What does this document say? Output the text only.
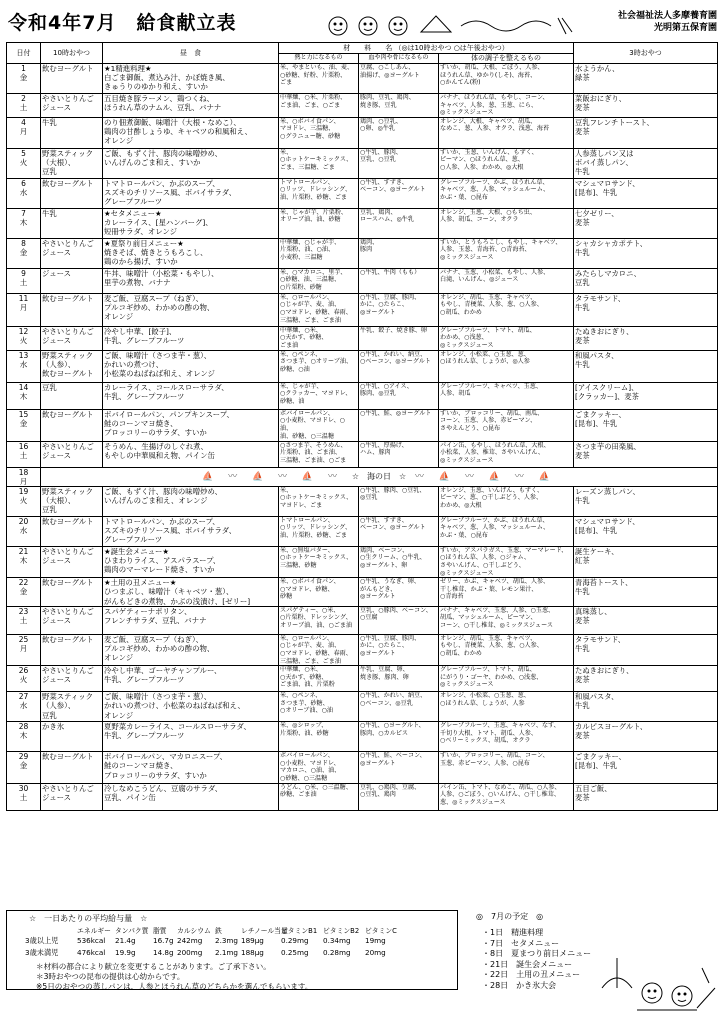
令和4年7月　給食献立表	社会福祉法人多摩養育園
光明第五保育園
日付	10時おやつ	昼　食	材　　料　　名 （◎は10時おやつ ○は午後おやつ）			3時おやつ
			熱と力になるもの	血や肉や骨になるもの	体の調子を整えるもの	
1
金	飲むヨーグルト	★1精進料理★
白ごま御飯、煮込み汁、かぼ焼き風、
きゅうりのゆかり和え、すいか	米、やまといも、油、麦、
○砂糖、好粉、片栗粉、
ごま	豆腐、○こしあん、
油揚げ、◎ヨーグルト	すいか、胡瓜、大根、ごぼう、人参、
ほうれん草、ゆかり(しそ)、海苔、
○かんてん(粉)	水ようかん、
緑茶
2
土	やさいとりんご
ジュース	五目焼き豚ラーメン、鶏つくね、
ほうれん草のナムル、豆乳、バナナ	中華麺、○米、片栗粉、
ごま油、ごま、○ごま	豚肉、豆乳、鶏肉、
焼き豚、豆乳	バナナ、ほうれん草、もやし、コーン、
キャベツ、人参、葱、玉葱、にら、
◎ミックスジュース	菜飯おにぎり、
麦茶
4
月	牛乳	のり佃煮御飯、味噌汁（大根・なめこ）、
鶏肉の甘酢しょうゆ、キャベツの和風和え、
オレンジ	米、○ボバイ食パン、
マヨドレ、三温糖、
○グラニュー糖、砂糖	鶏肉、○豆乳、
○卵、◎牛乳	オレンジ、大根、キャベツ、胡瓜、
なめこ、葱、人参、オクラ、浅葱、海苔	豆乳フレンチトースト、
麦茶
5
火	野菜スティック
（大根）、
豆乳	ご飯、もずく汁、豚肉の味噌炒め、
いんげんのごま和え、すいか	米、
○ホットケーキミックス、
ごま、三温糖、ごま	○牛乳、豚肉、
豆乳、○豆乳	すいか、玉葱、いんげん、もずく、
ピーマン、○ほうれん草、葱、
○人参、人参、わかめ、◎大根	人参蒸しパン又は
ボバイ蒸しパン、
牛乳
6
水	飲むヨーグルト	トマトロールパン、かぶのスープ、
スズキのチリソース風、ボバイサラダ、
グレープフルーツ	トマトロールパン、
○リッツ、ドレッシング、
油、片栗粉、砂糖、ごま	○牛乳、すずき、
ベーコン、◎ヨーグルト	グレープフルーツ、かぶ、ほうれん草、
キャベツ、葱、人参、マッシュルーム、
かぶ・葉、○昆布	マシュマロサンド、
[昆布]、牛乳
7
木	牛乳	★セタメニュー★
カレーライス、[星ハンバーグ]、
短冊サラダ、オレンジ	米、じゃが芋、片栗粉、
オリーブ油、油、砂糖	豆乳、鶏肉、
ロースハム、◎牛乳	オレンジ、玉葱、大根、○もち虫、
人参、胡瓜、コーン、オクラ	七夕ゼリー、
麦茶
8
金	やさいとりんご
ジュース	★夏祭り前日メニュー★
焼きそば、焼きとうもろこし、
鶏のから揚げ、すいか	中華麺、○じゃが芋、
片栗粉、油、○油、
小麦粉、三温糖	鶏肉、
豚肉	すいか、とうもろこし、もやし、キャベツ、
人参、玉葱、青海苔、○青海苔、
◎ミックスジュース	シャカシャカポテト、
牛乳
9
土	ジュース	牛丼、味噌汁（小松菜・もやし）、
里芋の煮物、バナナ	米、○マカロニ、里芋、
○砂糖、油、三温糖、
○片栗粉、砂糖	○牛乳、牛肉（もも）	バナナ、玉葱、小松菜、もやし、人参、
白滝、いんげん、◎ジュース	みたらしマカロニ、
豆乳
11
月	飲むヨーグルト	麦ご飯、豆腐スープ（ねぎ）、
プルコギ炒め、わかめの酢の物、
オレンジ	米、○ロールパン、
○じゃが芋、麦、油、
○マヨドレ、砂糖、春雨、
三温糖、ごま、ごま油	○牛乳、豆腐、豚肉、
かに、○たらこ、
◎ヨーグルト	オレンジ、胡瓜、玉葱、キャベツ、
もやし、青梗菜、人参、葱、○人参、
○胡瓜、わかめ	タラモサンド、
牛乳
12
火	やさいとりんご
ジュース	冷やし中華、[餃子]、
牛乳、グレープフルーツ	中華麺、○米、
○天かす、砂糖、
ごま油	牛乳、餃子、焼き豚、卵	グレープフルーツ、トマト、胡瓜、
わかめ、○浅葱、
◎ミックスジュース	たぬきおにぎり、
麦茶
13
水	野菜スティック
（人参）、
飲むヨーグルト	ご飯、味噌汁（さつま芋・葱）、
かれいの煮つけ、
小松菜のねばねば和え、オレンジ	米、○ペンネ、
さつま芋、○オリーブ油、
砂糖、○油	○牛乳、かれい、納豆、
○ベーコン、◎ヨーグルト	オレンジ、小松菜、○玉葱、葱、
○ほうれん草、しょうが、◎人参	和風パスタ、
牛乳
14
木	豆乳	カレーライス、コールスローサラダ、
牛乳、グレープフルーツ	米、じゃが芋、
○クラッカー、マヨドレ、
砂糖、油	○牛乳、○アイス、
豚肉、◎豆乳	グレープフルーツ、キャベツ、玉葱、
人参、胡瓜	[アイスクリーム]、
[クラッカー]、麦茶
15
金	飲むヨーグルト	ボバイロールパン、パンプキンスープ、
鮭のコーンマヨ焼き、
ブロッコリーのサラダ、すいか	ボバイロールパン、
○小麦粉、マヨドレ、○油、
油、砂糖、○三温糖	○牛乳、鮭、◎ヨーグルト	すいか、ブロッコリー、胡瓜、南瓜、
コーン、玉葱、人参、赤ピーマン、
さやえんどう、○昆布	ごまクッキー、
[昆布]、牛乳
16
土	やさいとりんご
ジュース	そうめん、生揚げのしぐれ煮、
もやしの中華風和え物、パイン缶	○さつま芋、そうめん、
片栗粉、油、ごま油、
三温糖、ごま油、○ごま	○牛乳、厚揚げ、
ハム、豚肉	パイン缶、もやし、ほうれん草、大根、
小松菜、人参、椎茸、さやいんげん、
◎ミックスジュース	さつま芋の田楽風、
麦茶
18
月	⛵ 〰 ⛵ 〰 ⛵ 〰 ☆　海の日　☆ 〰 ⛵ 〰 ⛵ 〰 ⛵					
19
火	野菜スティック
（大根）、
豆乳	ご飯、もずく汁、豚肉の味噌炒め、
いんげんのごま和え、オレンジ	米、
○ホットケーキミックス、
マヨドレ、ごま	○牛乳、豚肉、○豆乳、
◎豆乳	オレンジ、玉葱、いんげん、もずく、
ピーマン、葱、○干しぶどう、人参、
わかめ、◎大根	レーズン蒸しパン、
牛乳
20
水	飲むヨーグルト	トマトロールパン、かぶのスープ、
スズキのチリソース風、ボバイサラダ、
グレープフルーツ	トマトロールパン、
○リッツ、ドレッシング、
油、片栗粉、砂糖、ごま	○牛乳、すずき、
ベーコン、◎ヨーグルト	グレープフルーツ、かぶ、ほうれん草、
キャベツ、葱、人参、マッシュルーム、
かぶ・葉、○昆布	マシュマロサンド、
[昆布]、牛乳
21
木	やさいとりんご
ジュース	★誕生会メニュー★
ひまわりライス、アスパラスープ、
鶏肉のマーマレード焼き、すいか	米、○無塩バター、
○ホットケーキミックス、
三温糖、砂糖	鶏肉、ベーコン、
○生クリーム、○牛乳、
◎ヨーグルト、卵	すいか、アスパラガス、玉葱、マーマレード、
○ほうれん草、人参、○ジャム、
さやいんげん、○干しぶどう、
◎ミックスジュース	誕生ケーキ、
紅茶
22
金	飲むヨーグルト	★土用の丑メニュー★
ひつまぶし、味噌汁（キャベツ・葱）、
がんもどきの煮物、かぶの浅漬け、[ゼリー]	米、○ボバイ食パン、
○マヨドレ、砂糖、
砂糖	○牛乳、うなぎ、卵、
がんもどき、
◎ヨーグルト	ゼリー、かぶ、キャベツ、胡瓜、人参、
干し椎茸、かぶ・葉、レモン果汁、
○青海苔	青海苔トースト、
牛乳
23
土	やさいとりんご
ジュース	スパゲティーナポリタン、
フレンチサラダ、豆乳、バナナ	スパゲティー、○米、
○片栗粉、ドレッシング、
オリーブ油、油、○ごま油	豆乳、○豚肉、ベーコン、
○豆腐	バナナ、キャベツ、玉葱、人参、○玉葱、
胡瓜、マッシュルーム、ピーマン、
コーン、○干し椎茸、◎ミックスジュース	真珠蒸し、
麦茶
25
月	飲むヨーグルト	麦ご飯、豆腐スープ（ねぎ）、
プルコギ炒め、わかめの酢の物、
オレンジ	米、○ロールパン、
○じゃが芋、麦、油、
○マヨドレ、砂糖、春雨、
三温糖、ごま、ごま油	○牛乳、豆腐、豚肉、
かに、○たらこ、
◎ヨーグルト	オレンジ、胡瓜、玉葱、キャベツ、
もやし、青梗菜、人参、葱、○人参、
○胡瓜、わかめ	タラモサンド、
牛乳
26
火	やさいとりんご
ジュース	冷やし中華、ゴーヤチャンプルー、
牛乳、グレープフルーツ	中華麺、○米、
○天かす、砂糖、
ごま油、油、片栗粉	牛乳、豆腐、卵、
焼き豚、豚肉、卵	グレープフルーツ、トマト、胡瓜、
にがうり・ゴーヤ、わかめ、○浅葱、
◎ミックスジュース	たぬきおにぎり、
麦茶
27
水	野菜スティック
（人参）、
豆乳	ご飯、味噌汁（さつま芋・葱）、
かれいの煮つけ、小松菜のねばねば和え、
オレンジ	米、○ペンネ、
さつま芋、砂糖、
○オリーブ油、○油	○牛乳、かれい、納豆、
○ベーコン、◎豆乳	オレンジ、小松菜、○玉葱、葱、
○ほうれん草、しょうが、人参	和風パスタ、
牛乳
28
木	かき氷	夏野菜カレーライス、コールスローサラダ、
牛乳、グレープフルーツ	米、◎シロップ、
片栗粉、油、砂糖	○牛乳、○ヨーグルト、
豚肉、○カルピス	グレープフルーツ、玉葱、キャベツ、なす、
千切り大根、トマト、胡瓜、人参、
○ベリーミックス、胡瓜、オクラ	カルピスヨーグルト、
麦茶
29
金	飲むヨーグルト	ボバイロールパン、マカロニスープ、
鮭のコーンマヨ焼き、
ブロッコリーのサラダ、すいか	ボバイロールパン、
○小麦粉、マヨドレ、
マカロニ、○油、油、
○砂糖、○三温糖	○牛乳、鮭、ベーコン、
◎ヨーグルト	すいか、ブロッコリー、胡瓜、コーン、
玉葱、赤ピーマン、人参、○昆布	ごまクッキー、
[昆布]、牛乳
30
土	やさいとりんご
ジュース	冷しなめこうどん、豆腐のサラダ、
豆乳、パイン缶	うどん、○米、○三温糖、
砂糖、ごま油	豆乳、○鶏肉、豆腐、
○豆乳、鶏肉	パイン缶、トマト、なめこ、胡瓜、○人参、
人参、○ごぼう、○いんげん、○干し椎茸、
葱、◎ミックスジュース	五目ご飯、
麦茶
☆　一日あたりの平均給与量　☆
エネルギー タンパク質 脂質 カルシウム 鉄	レチノール当量ビタミンB1 ビタミンB2 ビタミンC
3歳以上児	536kcal 21.4g 16.7g 242mg 2.3mg 189μg 0.29mg 0.34mg 19mg
3歳未満児	476kcal 19.9g 14.8g 200mg 2.1mg 188μg 0.25mg 0.28mg 20mg
＊材料の都合により献立を変更することがあります。ご了承下さい。
＊3時おやつの昆布の提供は心幼からです。
※5日のおやつの蒸しパンは、人参とほうれん草のどちらかを選んでもらいます。
◎　7月の予定　◎
・1日　精進料理
・7日　セタメニュー
・8日　夏まつり前日メニュー
・21日　誕生会メニュー
・22日　土用の丑メニュー
・28日　かき氷大会
